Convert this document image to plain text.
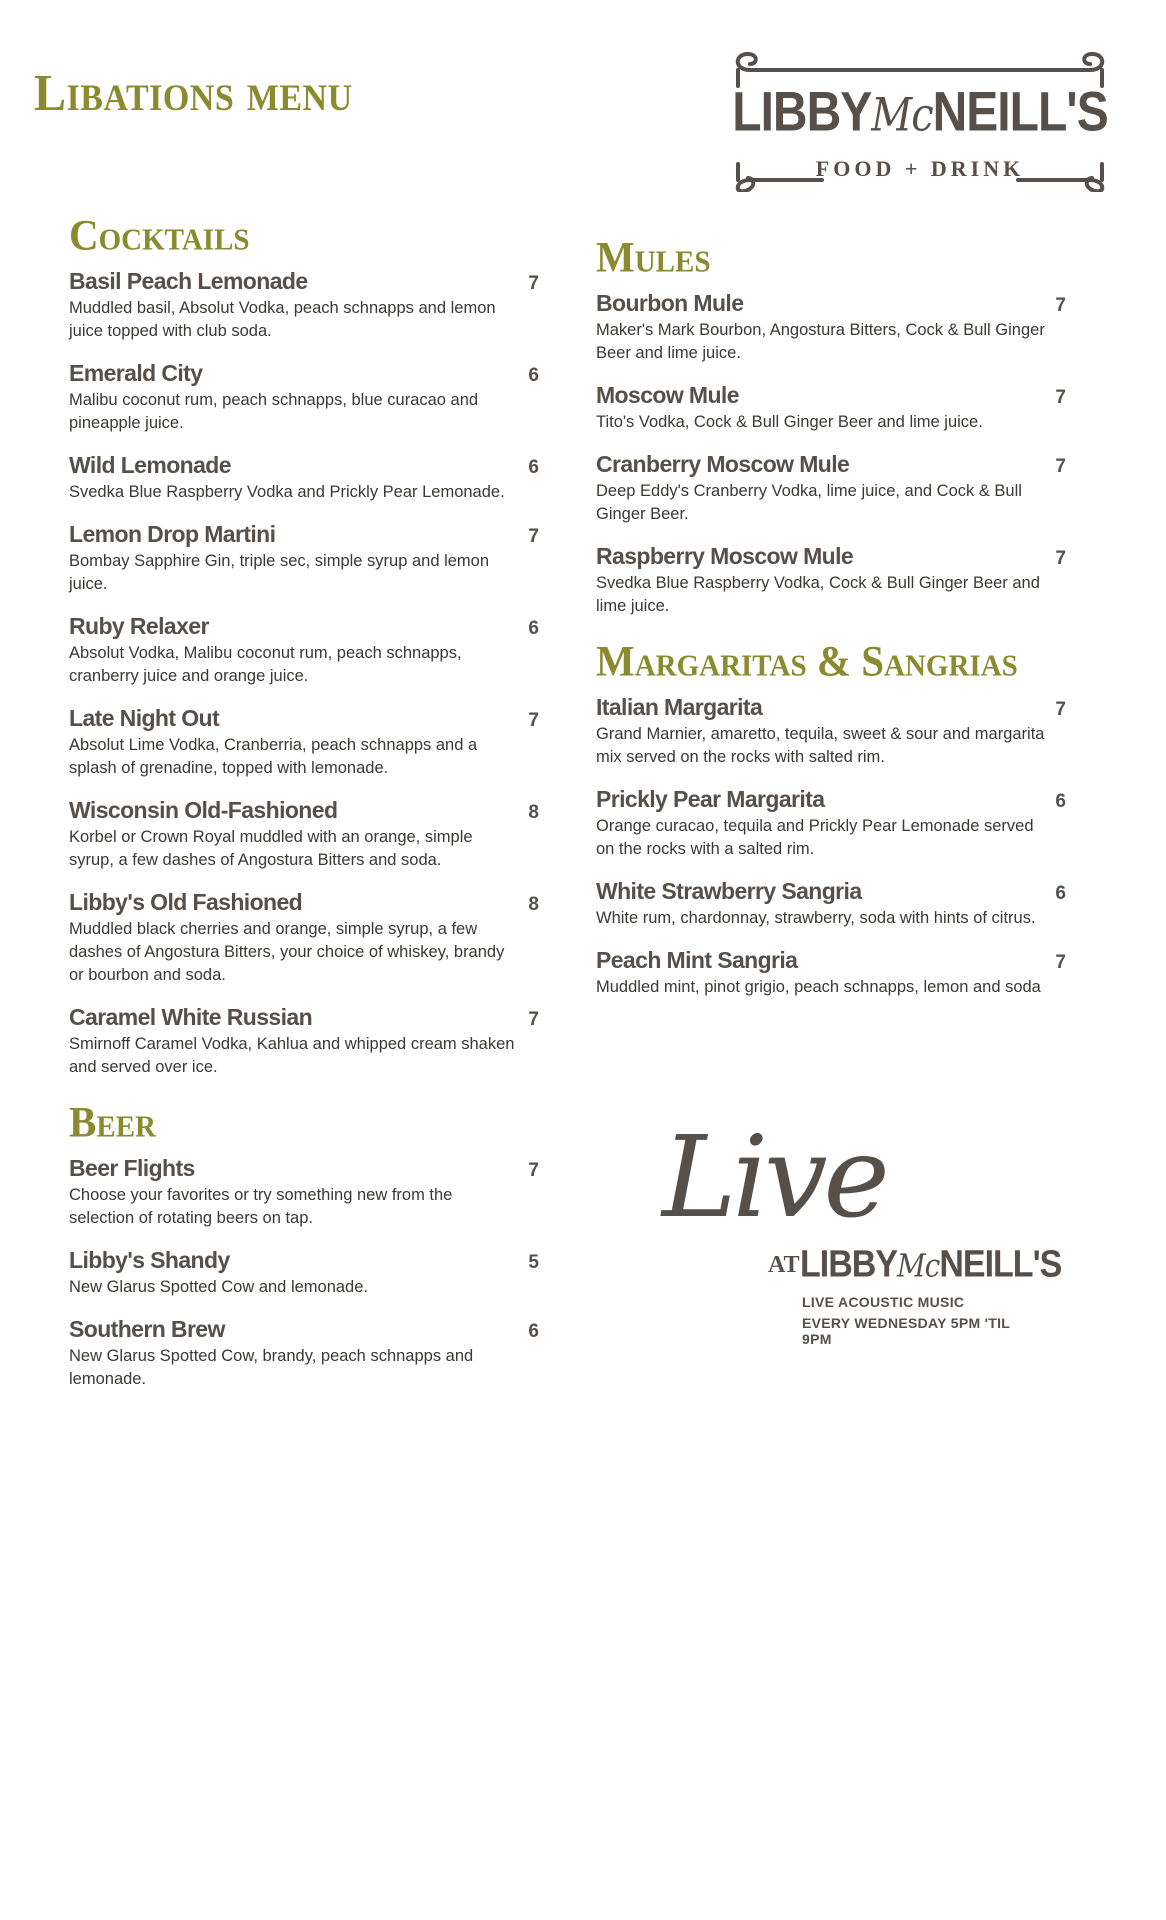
Libations menu	LIBBYMcNEILL'S
FOOD + DRINK
Cocktails
Basil Peach Lemonade	7
Muddled basil, Absolut Vodka, peach schnapps and lemon juice topped with club soda.
Emerald City	6
Malibu coconut rum, peach schnapps, blue curacao and pineapple juice.
Wild Lemonade	6
Svedka Blue Raspberry Vodka and Prickly Pear Lemonade.
Lemon Drop Martini	7
Bombay Sapphire Gin, triple sec, simple syrup and lemon juice.
Ruby Relaxer	6
Absolut Vodka, Malibu coconut rum, peach schnapps, cranberry juice and orange juice.
Late Night Out	7
Absolut Lime Vodka, Cranberria, peach schnapps and a splash of grenadine, topped with lemonade.
Wisconsin Old-Fashioned	8
Korbel or Crown Royal muddled with an orange, simple syrup, a few dashes of Angostura Bitters and soda.
Libby's Old Fashioned	8
Muddled black cherries and orange, simple syrup, a few dashes of Angostura Bitters, your choice of whiskey, brandy or bourbon and soda.
Caramel White Russian	7
Smirnoff Caramel Vodka, Kahlua and whipped cream shaken and served over ice.
Beer
Beer Flights	7
Choose your favorites or try something new from the selection of rotating beers on tap.
Libby's Shandy	5
New Glarus Spotted Cow and lemonade.
Southern Brew	6
New Glarus Spotted Cow, brandy, peach schnapps and lemonade.
Mules
Bourbon Mule	7
Maker's Mark Bourbon, Angostura Bitters, Cock & Bull Ginger Beer and lime juice.
Moscow Mule	7
Tito's Vodka, Cock & Bull Ginger Beer and lime juice.
Cranberry Moscow Mule	7
Deep Eddy's Cranberry Vodka, lime juice, and Cock & Bull Ginger Beer.
Raspberry Moscow Mule	7
Svedka Blue Raspberry Vodka, Cock & Bull Ginger Beer and lime juice.
Margaritas & Sangrias
Italian Margarita	7
Grand Marnier, amaretto, tequila, sweet & sour and margarita mix served on the rocks with salted rim.
Prickly Pear Margarita	6
Orange curacao, tequila and Prickly Pear Lemonade served on the rocks with a salted rim.
White Strawberry Sangria	6
White rum, chardonnay, strawberry, soda with hints of citrus.
Peach Mint Sangria	7
Muddled mint, pinot grigio, peach schnapps, lemon and soda
Live
AT LIBBYMcNEILL'S
LIVE ACOUSTIC MUSIC
EVERY WEDNESDAY 5PM 'TIL 9PM
